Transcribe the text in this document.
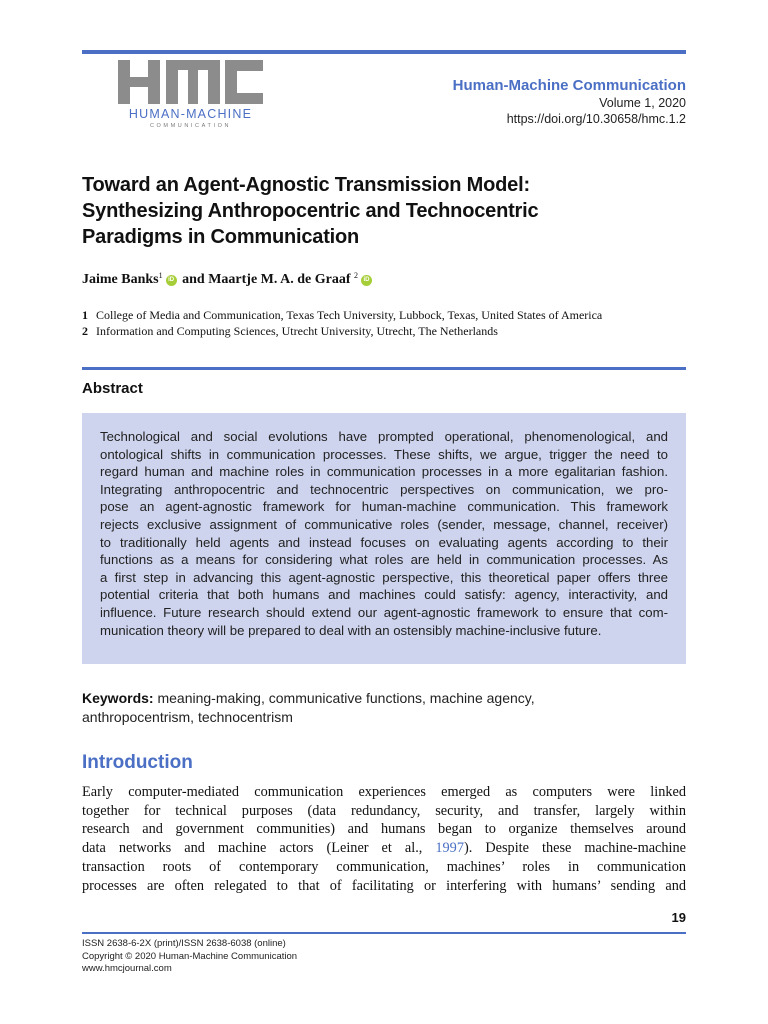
HUMAN-MACHINE
COMMUNICATION
Human-Machine Communication
Volume 1, 2020
https://doi.org/10.30658/hmc.1.2
Toward an Agent-Agnostic Transmission Model:
Synthesizing Anthropocentric and Technocentric
Paradigms in Communication
Jaime Banks$^1$ iD and Maartje M. A. de Graaf $^2$ iD
1 College of Media and Communication, Texas Tech University, Lubbock, Texas, United States of America
2 Information and Computing Sciences, Utrecht University, Utrecht, The Netherlands
Abstract
Technological and social evolutions have prompted operational, phenomenological, and
ontological shifts in communication processes. These shifts, we argue, trigger the need to
regard human and machine roles in communication processes in a more egalitarian fashion.
Integrating anthropocentric and technocentric perspectives on communication, we pro-
pose an agent-agnostic framework for human-machine communication. This framework
rejects exclusive assignment of communicative roles (sender, message, channel, receiver)
to traditionally held agents and instead focuses on evaluating agents according to their
functions as a means for considering what roles are held in communication processes. As
a first step in advancing this agent-agnostic perspective, this theoretical paper offers three
potential criteria that both humans and machines could satisfy: agency, interactivity, and
influence. Future research should extend our agent-agnostic framework to ensure that com-
munication theory will be prepared to deal with an ostensibly machine-inclusive future.
Keywords: meaning-making, communicative functions, machine agency,
anthropocentrism, technocentrism
Introduction
Early computer-mediated communication experiences emerged as computers were linked
together for technical purposes (data redundancy, security, and transfer, largely within
research and government communities) and humans began to organize themselves around
data networks and machine actors (Leiner et al., 1997). Despite these machine-machine
transaction roots of contemporary communication, machines’ roles in communication
processes are often relegated to that of facilitating or interfering with humans’ sending and
19
ISSN 2638-6-2X (print)/ISSN 2638-6038 (online)
Copyright © 2020 Human-Machine Communication
www.hmcjournal.com
